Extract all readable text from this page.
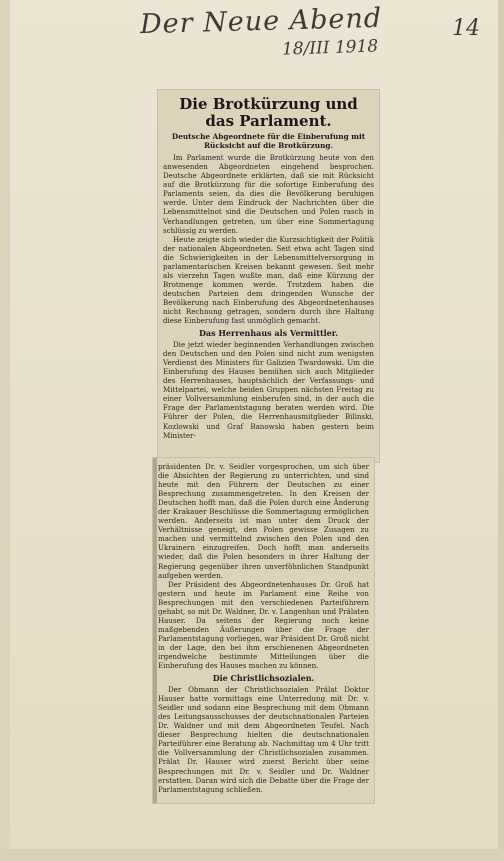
Der Neue Abend
18/III 1918
14
Die Brotkürzung und das Parlament.
Deutsche Abgeordnete für die Einberufung mit Rücksicht auf die Brotkürzung.

Im Parlament wurde die Brotkürzung heute von den anwesenden Abgeordneten eingehend besprochen. Deutsche Abgeordnete erklärten, daß sie mit Rücksicht auf die Brotkürzung für die sofortige Einberufung des Parlaments seien, da dies die Bevölkerung beruhigen werde. Unter dem Eindruck der Nachrichten über die Lebensmittelnot sind die Deutschen und Polen rasch in Verhandlungen getreten, um über eine Sommertagung schlüssig zu werden.

Heute zeigte sich wieder die Kurzsichtigkeit der Politik der nationalen Abgeordneten. Seit etwa acht Tagen sind die Schwierigkeiten in der Lebensmittelversorgung in parlamentarischen Kreisen bekannt gewesen. Seit mehr als vierzehn Tagen wußte man, daß eine Kürzung der Brotmenge kommen werde. Trotzdem haben die deutschen Parteien dem dringenden Wunsche der Bevölkerung nach Einberufung des Abgeordnetenhauses nicht Rechnung getragen, sondern durch ihre Haltung diese Einberufung fast unmöglich gemacht.

Das Herrenhaus als Vermittler.

Die jetzt wieder beginnenden Verhandlungen zwischen den Deutschen und den Polen sind nicht zum wenigsten Verdienst des Ministers für Galizien Twardowski. Um die Einberufung des Hauses bemühen sich auch Mitglieder des Herrenhauses, hauptsächlich der Verfassungs- und Mittelpartei, welche beiden Gruppen nächsten Freitag zu einer Vollversammlung einberufen sind, in der auch die Frage der Parlamentstagung beraten werden wird. Die Führer der Polen, die Herrenhausmitglieder Bilinski, Kozlowski und Graf Banowski haben gestern beim Minister-

präsidenten Dr. v. Seidler vorgesprochen, um sich über die Absichten der Regierung zu unterrichten, und sind heute mit den Führern der Deutschen zu einer Besprechung zusammengetreten. In den Kreisen der Deutschen hofft man, daß die Polen durch eine Änderung der Krakauer Beschlüsse die Sommertagung ermöglichen werden. Anderseits ist man unter dem Druck der Verhältnisse geneigt, den Polen gewisse Zusagen zu machen und vermittelnd zwischen den Polen und den Ukrainern einzugreifen. Doch hofft man anderseits wieder, daß die Polen besonders in ihrer Haltung der Regierung gegenüber ihren unverföhnlichen Standpunkt aufgeben werden.

Der Präsident des Abgeordnetenhauses Dr. Groß hat gestern und heute im Parlament eine Reihe von Besprechungen mit den verschiedenen Parteiführern gehabt, so mit Dr. Waldner, Dr. v. Langenhan und Prälaten Hauser. Da seitens der Regierung noch keine maßgebenden Äußerungen über die Frage der Parlamentstagung vorliegen, war Präsident Dr. Groß nicht in der Lage, den bei ihm erschienenen Abgeordneten irgendwelche bestimmte Mitteilungen über die Einberufung des Hauses machen zu können.

Die Christlichsozialen.

Der Obmann der Christlichsozialen Prälat Doktor Hauser hatte vormittags eine Unterredung mit Dr. v. Seidler und sodann eine Besprechung mit dem Obmann des Leitungsausschusses der deutschnationalen Parteien Dr. Waldner und mit dem Abgeordneten Teufel. Nach dieser Besprechung hielten die deutschnationalen Parteiführer eine Beratung ab. Nachmittag um 4 Uhr tritt die Vollversammlung der Christlichsozialen zusammen. Prälat Dr. Hauser wird zuerst Bericht über seine Besprechungen mit Dr. v. Seidler und Dr. Waldner erstatten. Daran wird sich die Debatte über die Frage der Parlamentstagung schließen.
